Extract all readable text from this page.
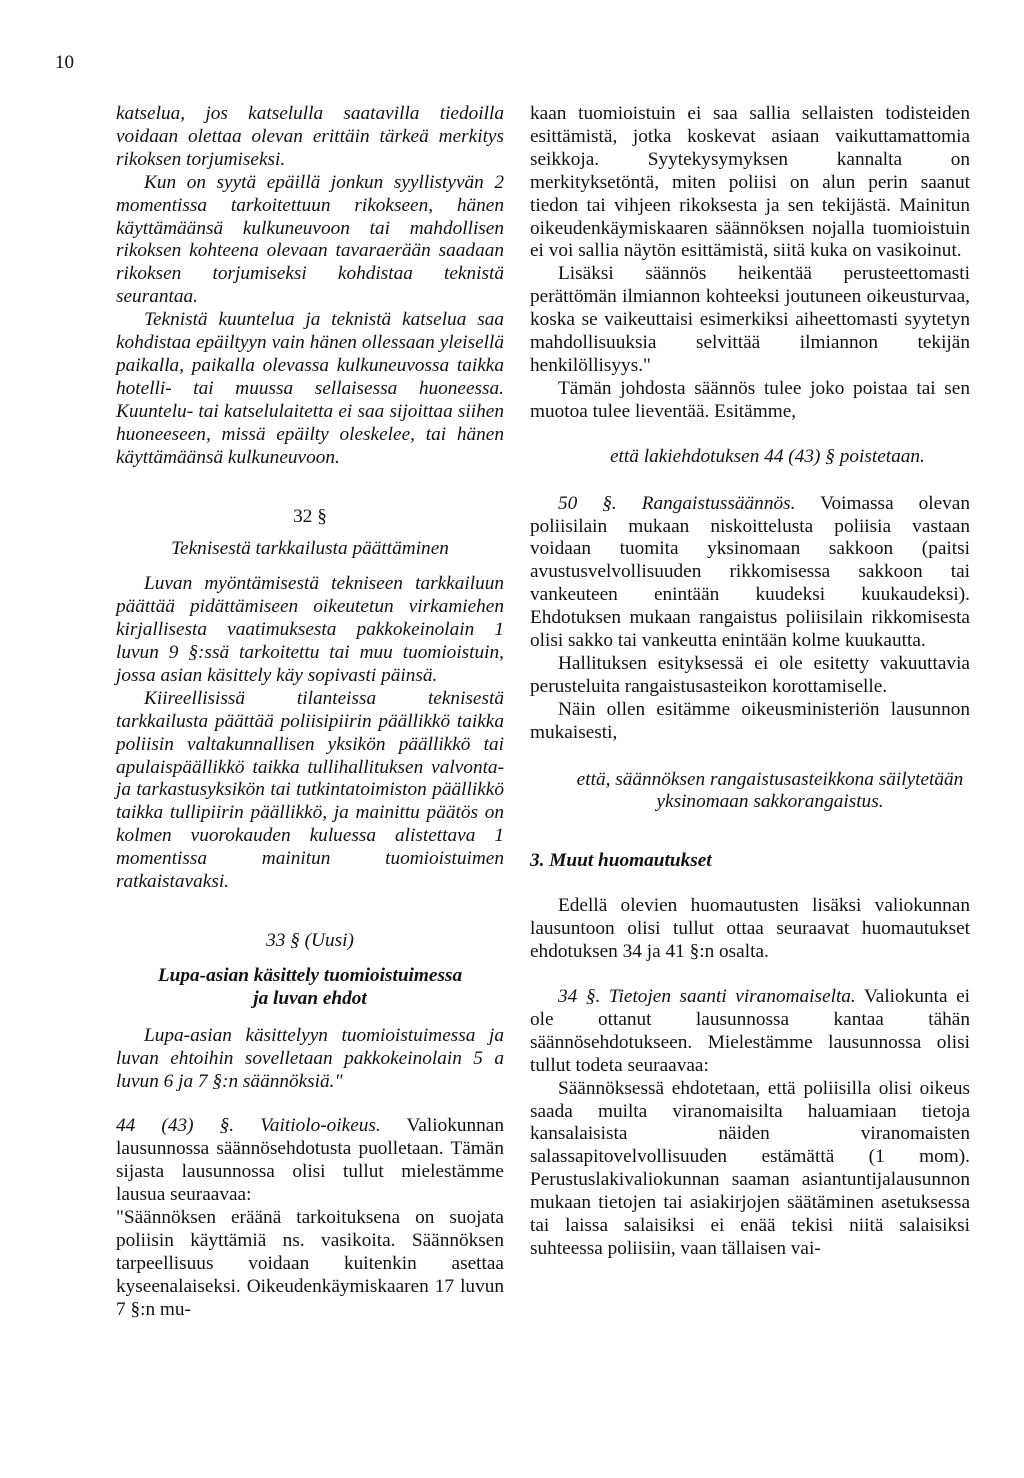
10

katselua, jos katselulla saatavilla tiedoilla voidaan olettaa olevan erittäin tärkeä merkitys rikoksen torjumiseksi.

Kun on syytä epäillä jonkun syyllistyvän 2 momentissa tarkoitettuun rikokseen, hänen käyttämäänsä kulkuneuvoon tai mahdollisen rikoksen kohteena olevaan tavaraerään saadaan rikoksen torjumiseksi kohdistaa teknistä seurantaa.

Teknistä kuuntelua ja teknistä katselua saa kohdistaa epäiltyyn vain hänen ollessaan yleisellä paikalla, paikalla olevassa kulkuneuvossa taikka hotelli- tai muussa sellaisessa huoneessa. Kuuntelu- tai katselulaitetta ei saa sijoittaa siihen huoneeseen, missä epäilty oleskelee, tai hänen käyttämäänsä kulkuneuvoon.

32 §

Teknisestä tarkkailusta päättäminen

Luvan myöntämisestä tekniseen tarkkailuun päättää pidättämiseen oikeutetun virkamiehen kirjallisesta vaatimuksesta pakkokeinolain 1 luvun 9 §:ssä tarkoitettu tai muu tuomioistuin, jossa asian käsittely käy sopivasti päinsä.

Kiireellisissä tilanteissa teknisestä tarkkailusta päättää poliisipiirin päällikkö taikka poliisin valtakunnallisen yksikön päällikkö tai apulaispäällikkö taikka tullihallituksen valvonta- ja tarkastusyksikön tai tutkintatoimiston päällikkö taikka tullipiirin päällikkö, ja mainittu päätös on kolmen vuorokauden kuluessa alistettava 1 momentissa mainitun tuomioistuimen ratkaistavaksi.

33 § (Uusi)

Lupa-asian käsittely tuomioistuimessa

ja luvan ehdot

Lupa-asian käsittelyyn tuomioistuimessa ja luvan ehtoihin sovelletaan pakkokeinolain 5 a luvun 6 ja 7 §:n säännöksiä."

44 (43) §. Vaitiolo-oikeus. Valiokunnan lausunnossa säännösehdotusta puolletaan. Tämän sijasta lausunnossa olisi tullut mielestämme lausua seuraavaa:

"Säännöksen eräänä tarkoituksena on suojata poliisin käyttämiä ns. vasikoita. Säännöksen tarpeellisuus voidaan kuitenkin asettaa kyseenalaiseksi. Oikeudenkäymiskaaren 17 luvun 7 §:n mu-

kaan tuomioistuin ei saa sallia sellaisten todisteiden esittämistä, jotka koskevat asiaan vaikuttamattomia seikkoja. Syytekysymyksen kannalta on merkityksetöntä, miten poliisi on alun perin saanut tiedon tai vihjeen rikoksesta ja sen tekijästä. Mainitun oikeudenkäymiskaaren säännöksen nojalla tuomioistuin ei voi sallia näytön esittämistä, siitä kuka on vasikoinut.

Lisäksi säännös heikentää perusteettomasti perättömän ilmiannon kohteeksi joutuneen oikeusturvaa, koska se vaikeuttaisi esimerkiksi aiheettomasti syytetyn mahdollisuuksia selvittää ilmiannon tekijän henkilöllisyys."

Tämän johdosta säännös tulee joko poistaa tai sen muotoa tulee lieventää. Esitämme,

että lakiehdotuksen 44 (43) § poistetaan.

50 §. Rangaistussäännös. Voimassa olevan poliisilain mukaan niskoittelusta poliisia vastaan voidaan tuomita yksinomaan sakkoon (paitsi avustusvelvollisuuden rikkomisessa sakkoon tai vankeuteen enintään kuudeksi kuukaudeksi). Ehdotuksen mukaan rangaistus poliisilain rikkomisesta olisi sakko tai vankeutta enintään kolme kuukautta.

Hallituksen esityksessä ei ole esitetty vakuuttavia perusteluita rangaistusasteikon korottamiselle.

Näin ollen esitämme oikeusministeriön lausunnon mukaisesti,

että, säännöksen rangaistusasteikkona säilytetään yksinomaan sakkorangaistus.

3. Muut huomautukset

Edellä olevien huomautusten lisäksi valiokunnan lausuntoon olisi tullut ottaa seuraavat huomautukset ehdotuksen 34 ja 41 §:n osalta.

34 §. Tietojen saanti viranomaiselta. Valiokunta ei ole ottanut lausunnossa kantaa tähän säännösehdotukseen. Mielestämme lausunnossa olisi tullut todeta seuraavaa:

Säännöksessä ehdotetaan, että poliisilla olisi oikeus saada muilta viranomaisilta haluamiaan tietoja kansalaisista näiden viranomaisten salassapitovelvollisuuden estämättä (1 mom). Perustuslakivaliokunnan saaman asiantuntijalausunnon mukaan tietojen tai asiakirjojen säätäminen asetuksessa tai laissa salaisiksi ei enää tekisi niitä salaisiksi suhteessa poliisiin, vaan tällaisen vai-
